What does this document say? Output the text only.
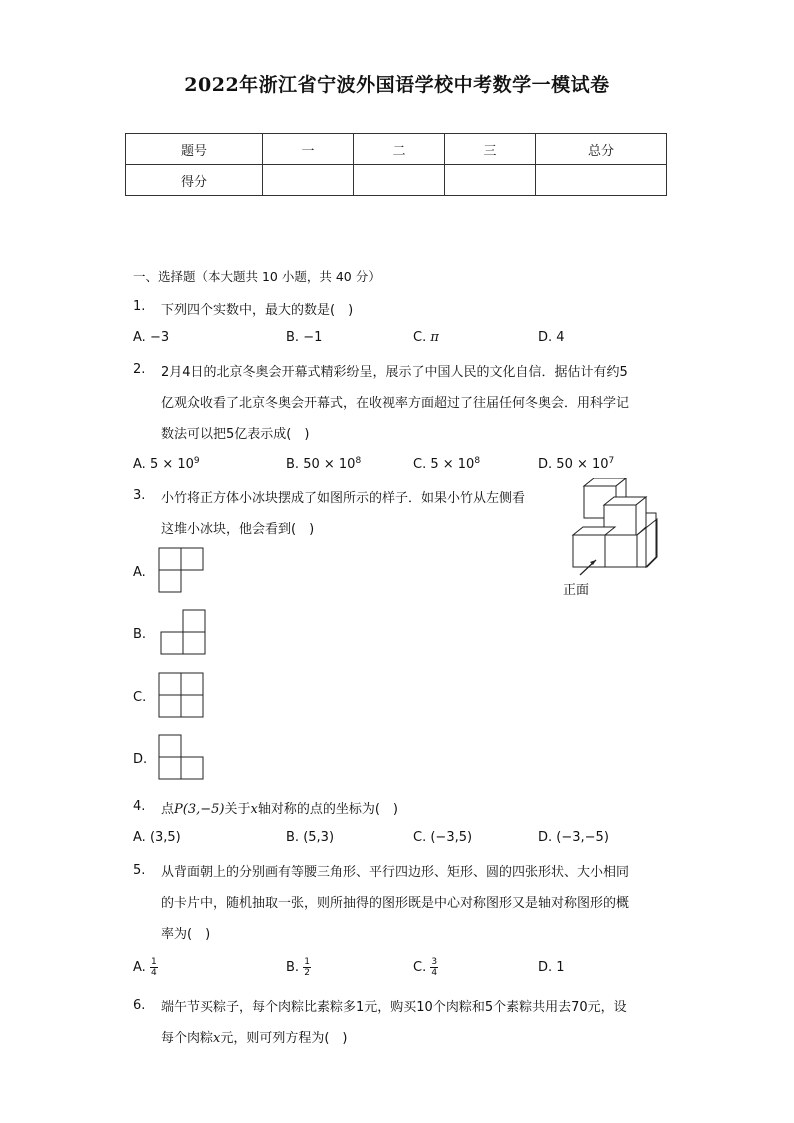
2022年浙江省宁波外国语学校中考数学一模试卷
题号	一	二	三	总分
得分				
一、选择题（本大题共 10 小题，共 40 分）
1. 下列四个实数中，最大的数是(　)
A. −3	B. −1	C. π	D. 4
2. 2月4日的北京冬奥会开幕式精彩纷呈，展示了中国人民的文化自信．据估计有约5
亿观众收看了北京冬奥会开幕式，在收视率方面超过了往届任何冬奥会．用科学记
数法可以把5亿表示成(　)
A. $5 \times 10^9$	B. $50 \times 10^8$	C. $5 \times 10^8$	D. $50 \times 10^7$
3. 小竹将正方体小冰块摆成了如图所示的样子．如果小竹从左侧看
这堆小冰块，他会看到(　)
正面
A.
B.
C.
D.
4. 点P(3,−5)关于x轴对称的点的坐标为(　)
A. (3,5)	B. (5,3)	C. (−3,5)	D. (−3,−5)
5. 从背面朝上的分别画有等腰三角形、平行四边形、矩形、圆的四张形状、大小相同
的卡片中，随机抽取一张，则所抽得的图形既是中心对称图形又是轴对称图形的概
率为(　)
A. $\frac{1}{4}$	B. $\frac{1}{2}$	C. $\frac{3}{4}$	D. 1
6. 端午节买粽子，每个肉粽比素粽多1元，购买10个肉粽和5个素粽共用去70元，设
每个肉粽x元，则可列方程为(　)
